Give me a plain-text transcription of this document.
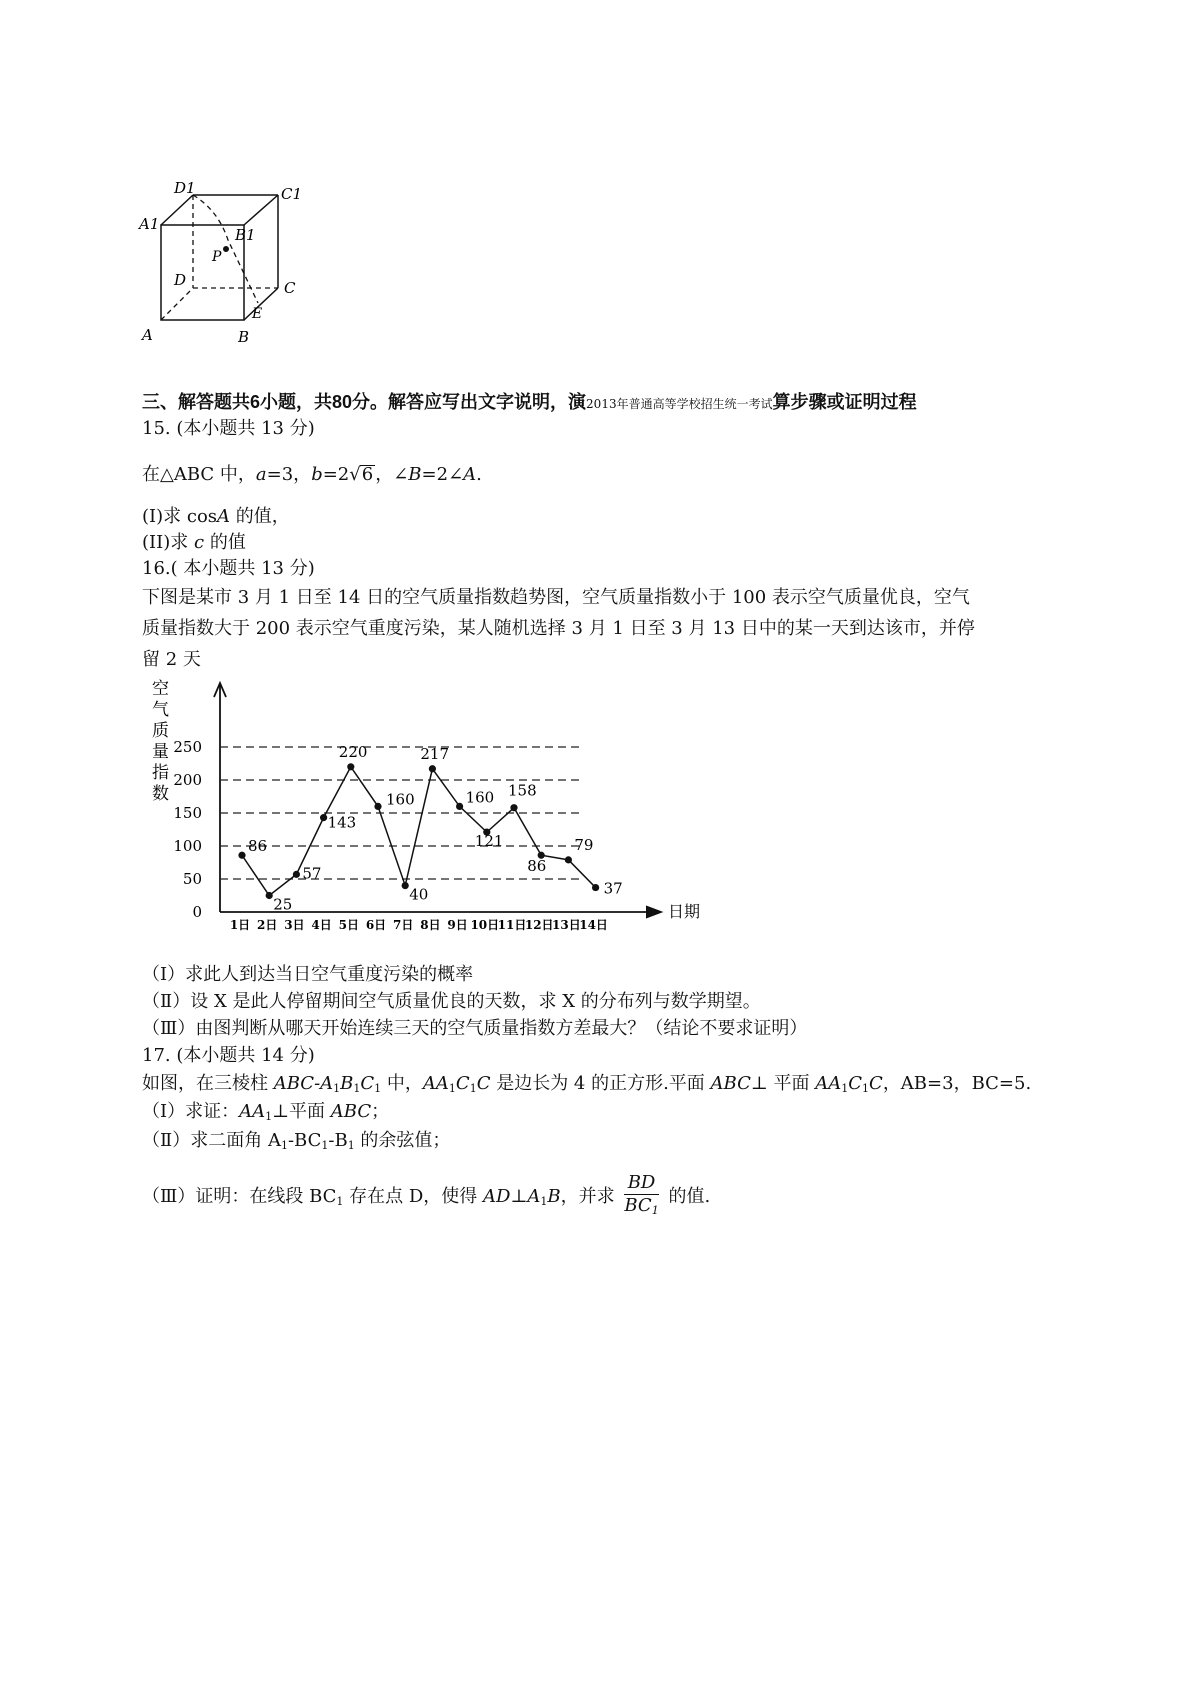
D1	C1
A1
B1
P
D	C
E
A	B
三、解答题共6小题，共80分。解答应写出文字说明，演2013年普通高等学校招生统一考试算步骤或证明过程
15. (本小题共 13 分)
在△ABC 中，a=3，b=2√6 ，∠B=2∠A.
(I)求 cosA 的值，
(II)求 c 的值
16.( 本小题共 13 分)
下图是某市 3 月 1 日至 14 日的空气质量指数趋势图，空气质量指数小于 100 表示空气质量优良，空气
质量指数大于 200 表示空气重度污染，某人随机选择 3 月 1 日至 3 月 13 日中的某一天到达该市，并停
留 2 天
0
50
100
150
200
250
空
气
质
量
指
数
1日 2日 3日 4日 5日 6日 7日 8日 9日 10日
11日
12日
13日
14日
日期
86
25
57
143
220
160
40
217
160
121
158
86
79
37
（Ⅰ）求此人到达当日空气重度污染的概率
（Ⅱ）设 X 是此人停留期间空气质量优良的天数，求 X 的分布列与数学期望。
（Ⅲ）由图判断从哪天开始连续三天的空气质量指数方差最大？（结论不要求证明）
17. (本小题共 14 分)
如图，在三棱柱 ABC-$A_1B_1C_1$ 中，$AA_1C_1C$ 是边长为 4 的正方形.平面 ABC⊥ 平面 $AA_1C_1C$，AB=3，BC=5.
（Ⅰ）求证：$AA_1\perp$平面 ABC；
（Ⅱ）求二面角 $A_1-BC_1-B_1$ 的余弦值；
（Ⅲ）证明：在线段 $BC_1$ 存在点 D，使得 $AD\perp A_1B$，并求 $\frac{BD}{BC_1}$ 的值.
